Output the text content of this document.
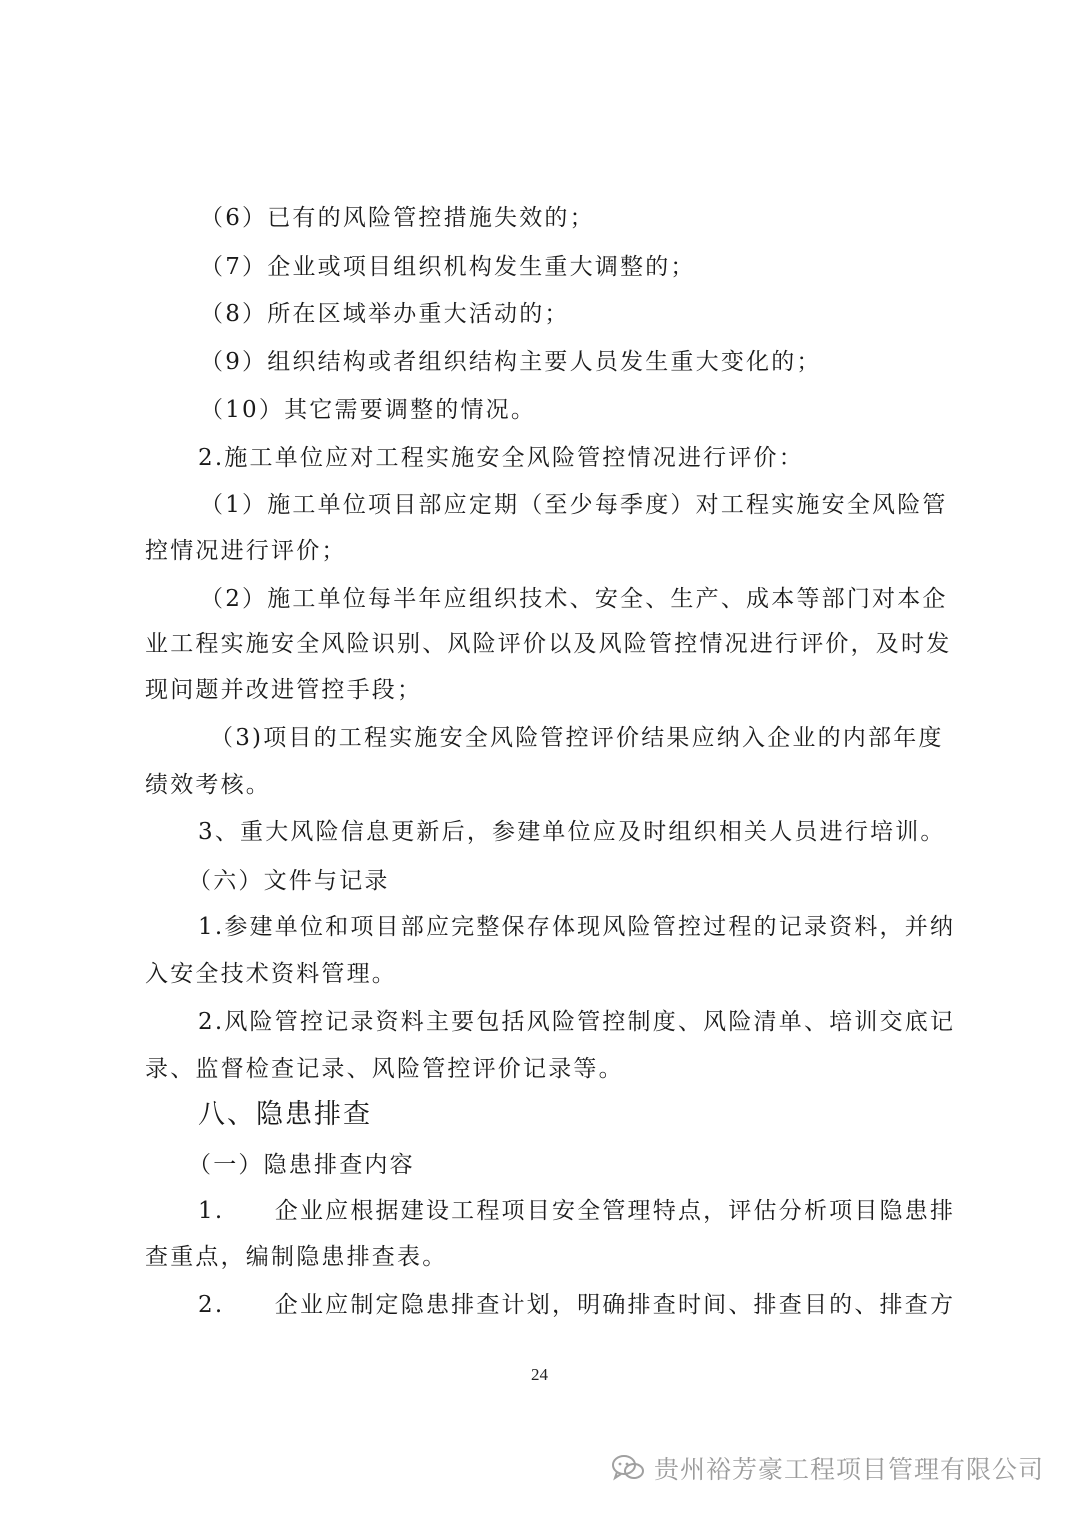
（6）已有的风险管控措施失效的；
（7）企业或项目组织机构发生重大调整的；
（8）所在区域举办重大活动的；
（9）组织结构或者组织结构主要人员发生重大变化的；
（10）其它需要调整的情况。
2.施工单位应对工程实施安全风险管控情况进行评价：
（1）施工单位项目部应定期（至少每季度）对工程实施安全风险管
控情况进行评价；
（2）施工单位每半年应组织技术、安全、生产、成本等部门对本企
业工程实施安全风险识别、风险评价以及风险管控情况进行评价，及时发
现问题并改进管控手段；
（3)项目的工程实施安全风险管控评价结果应纳入企业的内部年度
绩效考核。
3、重大风险信息更新后，参建单位应及时组织相关人员进行培训。
（六）文件与记录
1.参建单位和项目部应完整保存体现风险管控过程的记录资料，并纳
入安全技术资料管理。
2.风险管控记录资料主要包括风险管控制度、风险清单、培训交底记
录、监督检查记录、风险管控评价记录等。
八、隐患排查
（一）隐患排查内容
1.　　企业应根据建设工程项目安全管理特点，评估分析项目隐患排
查重点，编制隐患排查表。
2.　　企业应制定隐患排查计划，明确排查时间、排查目的、排查方
24
贵州裕芳豪工程项目管理有限公司
